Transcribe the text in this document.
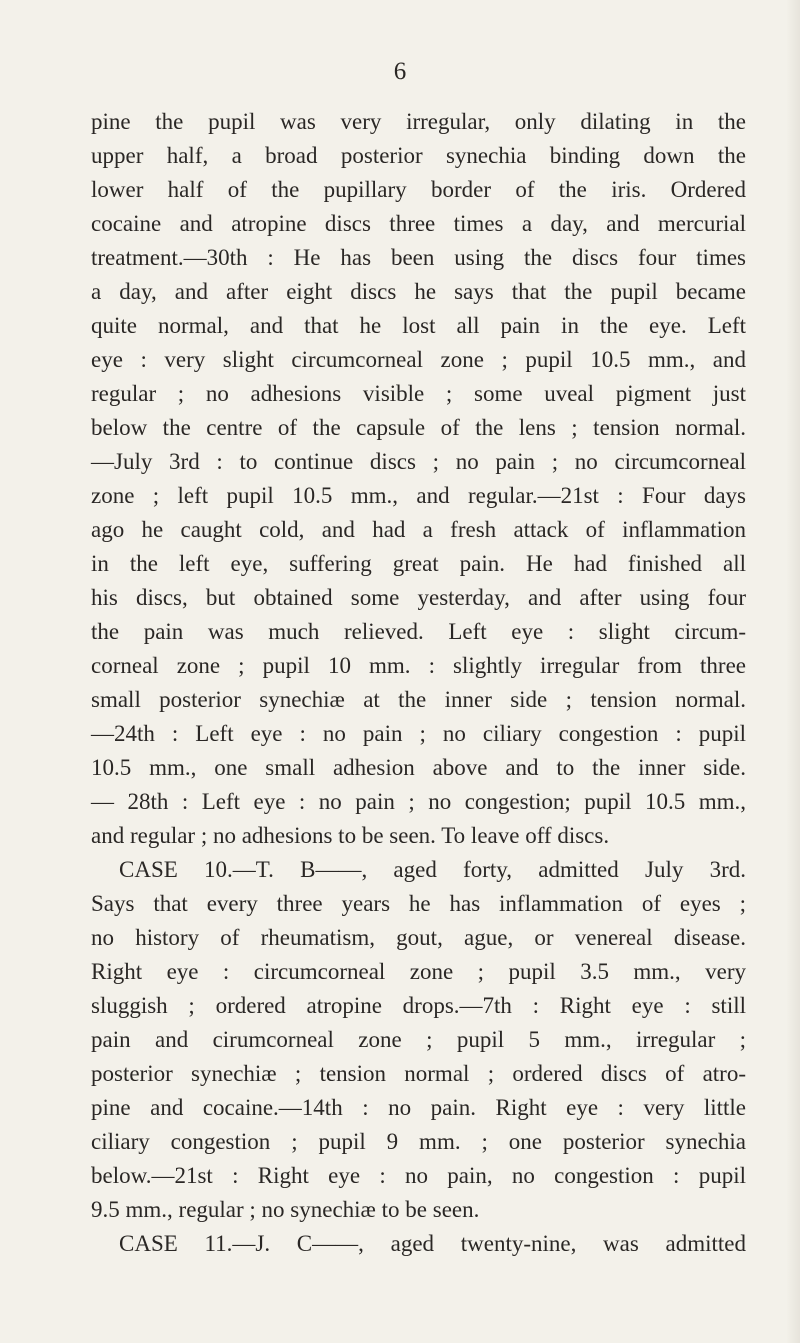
6

pine the pupil was very irregular, only dilating in the
upper half, a broad posterior synechia binding down the
lower half of the pupillary border of the iris. Ordered
cocaine and atropine discs three times a day, and mercurial
treatment.—30th : He has been using the discs four times
a day, and after eight discs he says that the pupil became
quite normal, and that he lost all pain in the eye. Left
eye : very slight circumcorneal zone ; pupil 10.5 mm., and
regular ; no adhesions visible ; some uveal pigment just
below the centre of the capsule of the lens ; tension normal.
—July 3rd : to continue discs ; no pain ; no circumcorneal
zone ; left pupil 10.5 mm., and regular.—21st : Four days
ago he caught cold, and had a fresh attack of inflammation
in the left eye, suffering great pain. He had finished all
his discs, but obtained some yesterday, and after using four
the pain was much relieved. Left eye : slight circum-
corneal zone ; pupil 10 mm. : slightly irregular from three
small posterior synechiæ at the inner side ; tension normal.
—24th : Left eye : no pain ; no ciliary congestion : pupil
10.5 mm., one small adhesion above and to the inner side.
— 28th : Left eye : no pain ; no congestion; pupil 10.5 mm.,
and regular ; no adhesions to be seen. To leave off discs.
CASE 10.—T. B——, aged forty, admitted July 3rd.
Says that every three years he has inflammation of eyes ;
no history of rheumatism, gout, ague, or venereal disease.
Right eye : circumcorneal zone ; pupil 3.5 mm., very
sluggish ; ordered atropine drops.—7th : Right eye : still
pain and cirumcorneal zone ; pupil 5 mm., irregular ;
posterior synechiæ ; tension normal ; ordered discs of atro-
pine and cocaine.—14th : no pain. Right eye : very little
ciliary congestion ; pupil 9 mm. ; one posterior synechia
below.—21st : Right eye : no pain, no congestion : pupil
9.5 mm., regular ; no synechiæ to be seen.
CASE 11.—J. C——, aged twenty-nine, was admitted
